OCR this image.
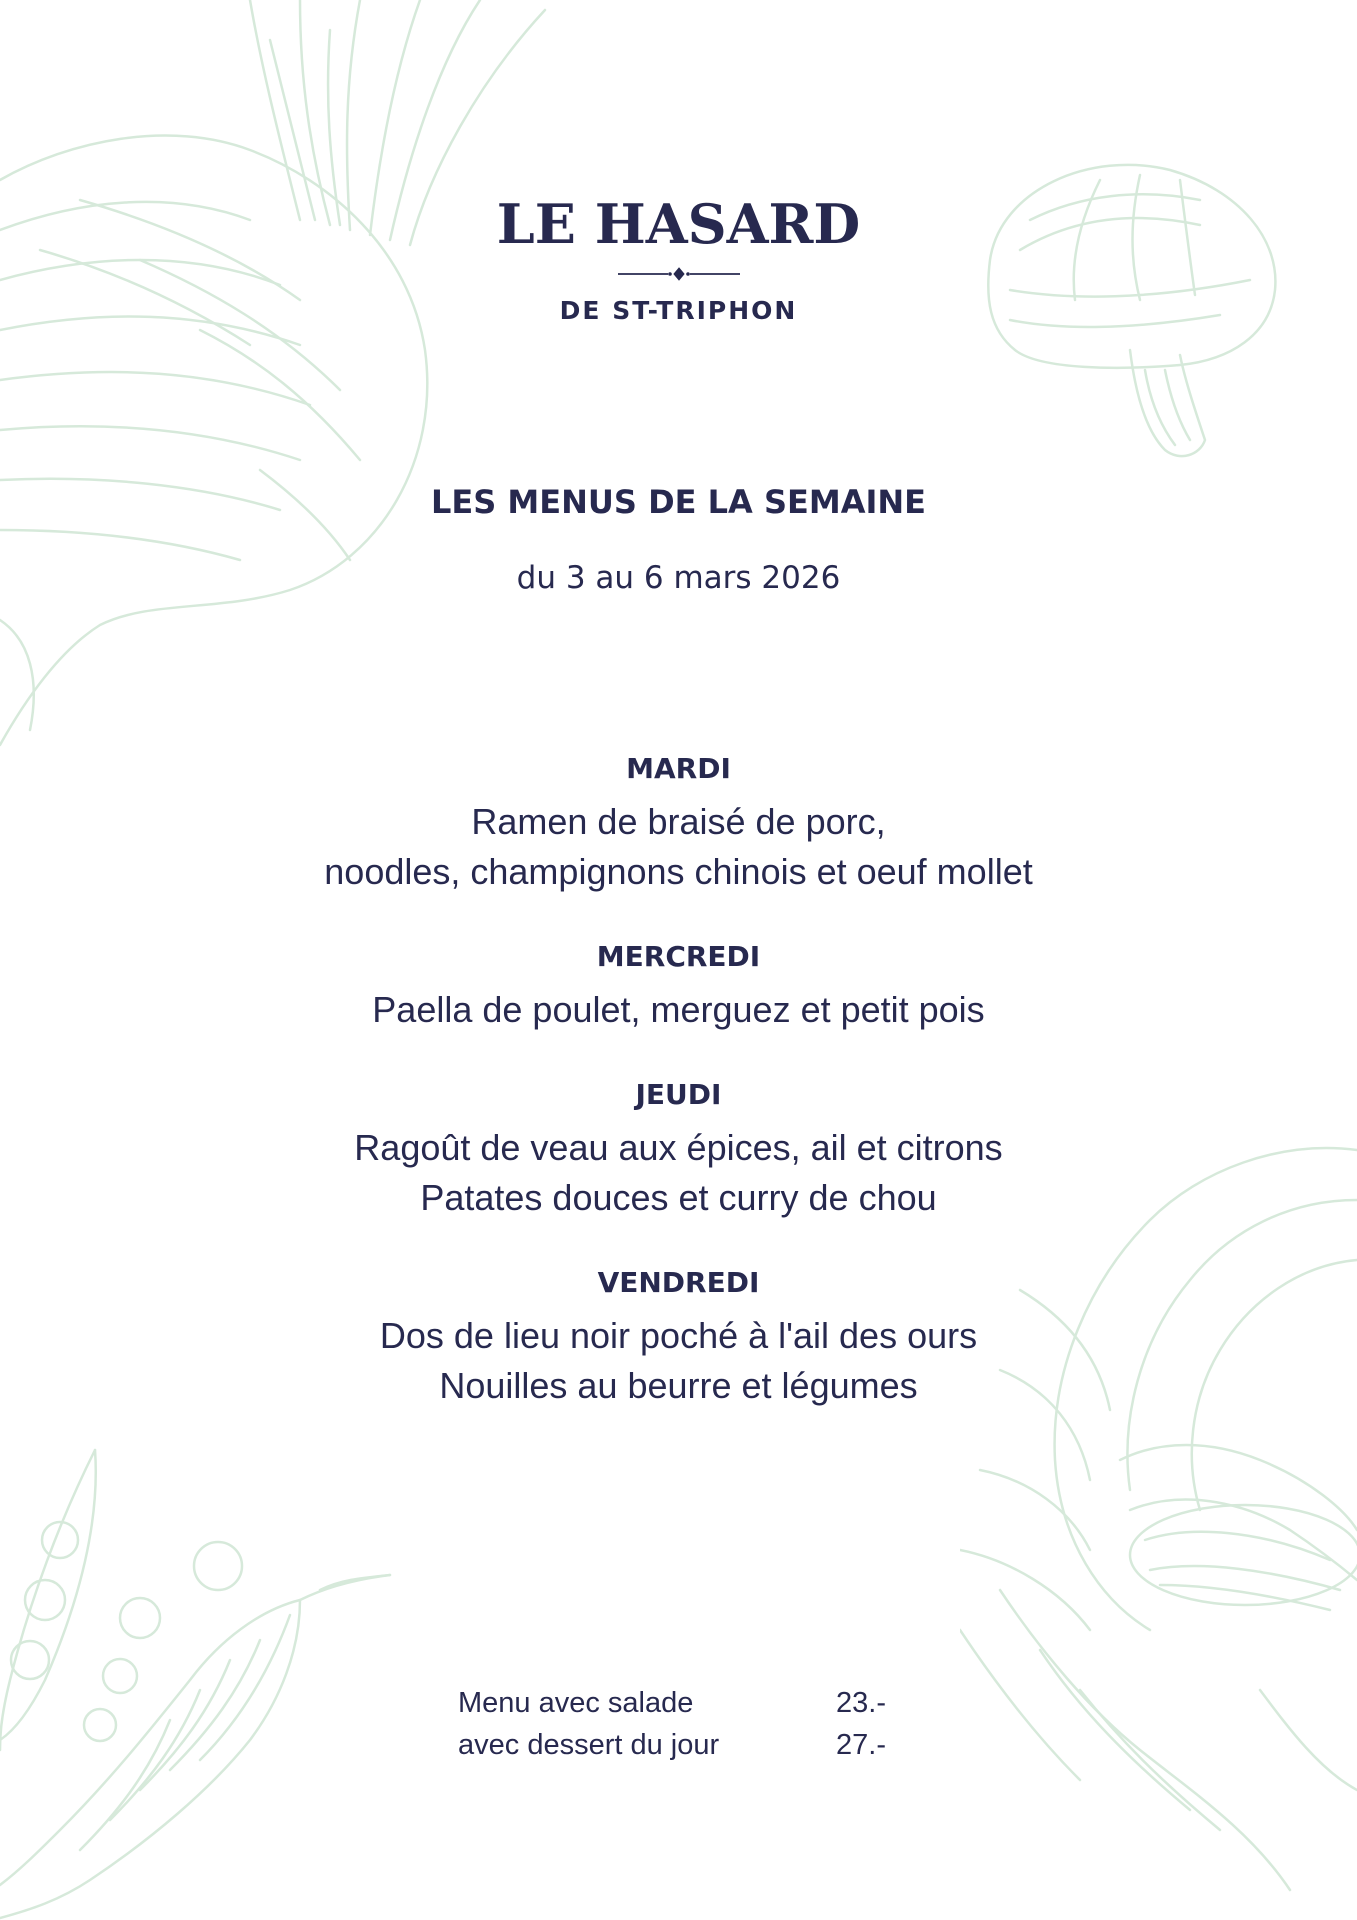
LE HASARD
DE ST-TRIPHON
LES MENUS DE LA SEMAINE
du 3 au 6 mars 2026
MARDI
Ramen de braisé de porc,
noodles, champignons chinois et oeuf mollet
MERCREDI
Paella de poulet, merguez et petit pois
JEUDI
Ragoût de veau aux épices, ail et citrons
Patates douces et curry de chou
VENDREDI
Dos de lieu noir poché à l'ail des ours
Nouilles au beurre et légumes
Menu avec salade	23.-
avec dessert du jour	27.-
